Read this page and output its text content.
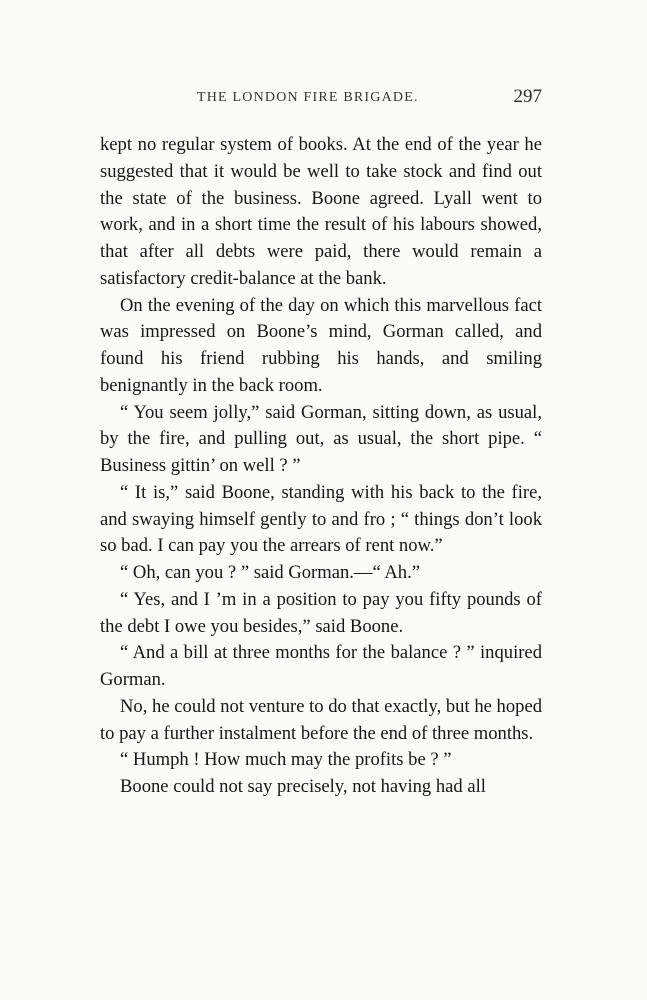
THE LONDON FIRE BRIGADE.	297

kept no regular system of books. At the end of the year he suggested that it would be well to take stock and find out the state of the business. Boone agreed. Lyall went to work, and in a short time the result of his labours showed, that after all debts were paid, there would remain a satisfactory credit-balance at the bank.

On the evening of the day on which this marvellous fact was impressed on Boone’s mind, Gorman called, and found his friend rubbing his hands, and smiling benignantly in the back room.

“ You seem jolly,” said Gorman, sitting down, as usual, by the fire, and pulling out, as usual, the short pipe. “ Business gittin’ on well ? ”

“ It is,” said Boone, standing with his back to the fire, and swaying himself gently to and fro ; “ things don’t look so bad. I can pay you the arrears of rent now.”

“ Oh, can you ? ” said Gorman.—“ Ah.”

“ Yes, and I ’m in a position to pay you fifty pounds of the debt I owe you besides,” said Boone.

“ And a bill at three months for the balance ? ” inquired Gorman.

No, he could not venture to do that exactly, but he hoped to pay a further instalment before the end of three months.

“ Humph ! How much may the profits be ? ”

Boone could not say precisely, not having had all
